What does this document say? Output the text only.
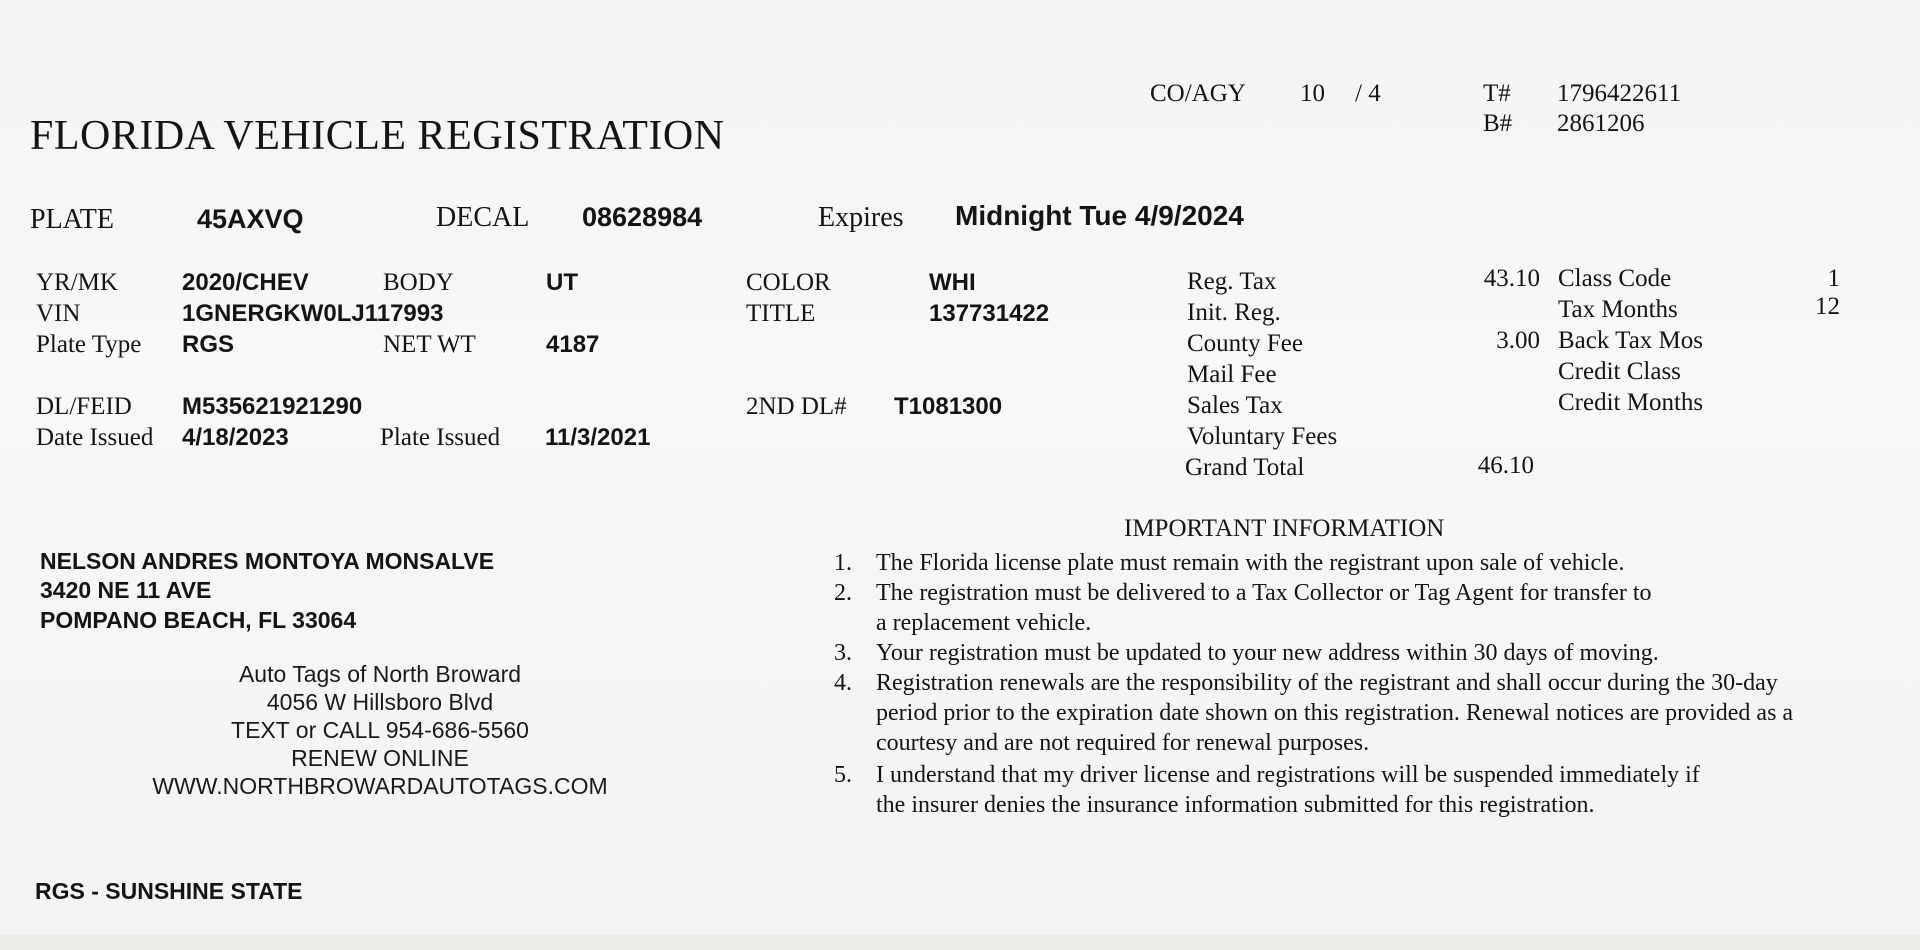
FLORIDA VEHICLE REGISTRATION
CO/AGY 10 / 4	T# 1796422611
B# 2861206
PLATE	45AXVQ	DECAL 08628984	Expires Midnight Tue 4/9/2024
YR/MK	2020/CHEV	BODY	UT	COLOR	WHI
VIN	1GNERGKW0LJ117993	TITLE	137731422
Plate Type RGS	NET WT	4187
DL/FEID M535621921290	2ND DL# T1081300
Date Issued 4/18/2023	Plate Issued 11/3/2021
Reg. Tax	43.10
Init. Reg.
County Fee	3.00
Mail Fee
Sales Tax
Voluntary Fees
Grand Total	46.10
Class Code	1
Tax Months	12
Back Tax Mos
Credit Class
Credit Months
NELSON ANDRES MONTOYA MONSALVE
3420 NE 11 AVE
POMPANO BEACH, FL 33064
Auto Tags of North Broward
4056 W Hillsboro Blvd
TEXT or CALL 954-686-5560
RENEW ONLINE
WWW.NORTHBROWARDAUTOTAGS.COM
IMPORTANT INFORMATION
1.	The Florida license plate must remain with the registrant upon sale of vehicle.
2.	The registration must be delivered to a Tax Collector or Tag Agent for transfer to a replacement vehicle.
3.	Your registration must be updated to your new address within 30 days of moving.
4.	Registration renewals are the responsibility of the registrant and shall occur during the 30-day period prior to the expiration date shown on this registration. Renewal notices are provided as a courtesy and are not required for renewal purposes.
5.	I understand that my driver license and registrations will be suspended immediately if the insurer denies the insurance information submitted for this registration.
RGS - SUNSHINE STATE
